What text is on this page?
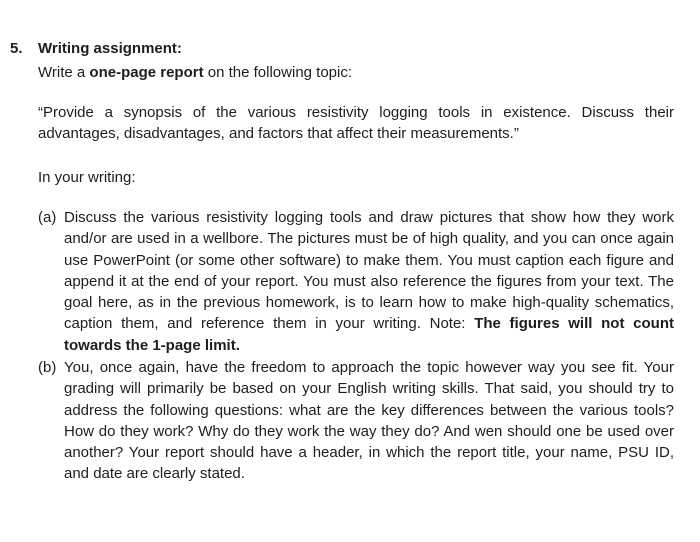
5. Writing assignment:
Write a one-page report on the following topic:
“Provide a synopsis of the various resistivity logging tools in existence. Discuss their advantages, disadvantages, and factors that affect their measurements.”
In your writing:
(a) Discuss the various resistivity logging tools and draw pictures that show how they work and/or are used in a wellbore. The pictures must be of high quality, and you can once again use PowerPoint (or some other software) to make them. You must caption each figure and append it at the end of your report. You must also reference the figures from your text. The goal here, as in the previous homework, is to learn how to make high-quality schematics, caption them, and reference them in your writing. Note: The figures will not count towards the 1-page limit.
(b) You, once again, have the freedom to approach the topic however way you see fit. Your grading will primarily be based on your English writing skills. That said, you should try to address the following questions: what are the key differences between the various tools? How do they work? Why do they work the way they do? And wen should one be used over another? Your report should have a header, in which the report title, your name, PSU ID, and date are clearly stated.
